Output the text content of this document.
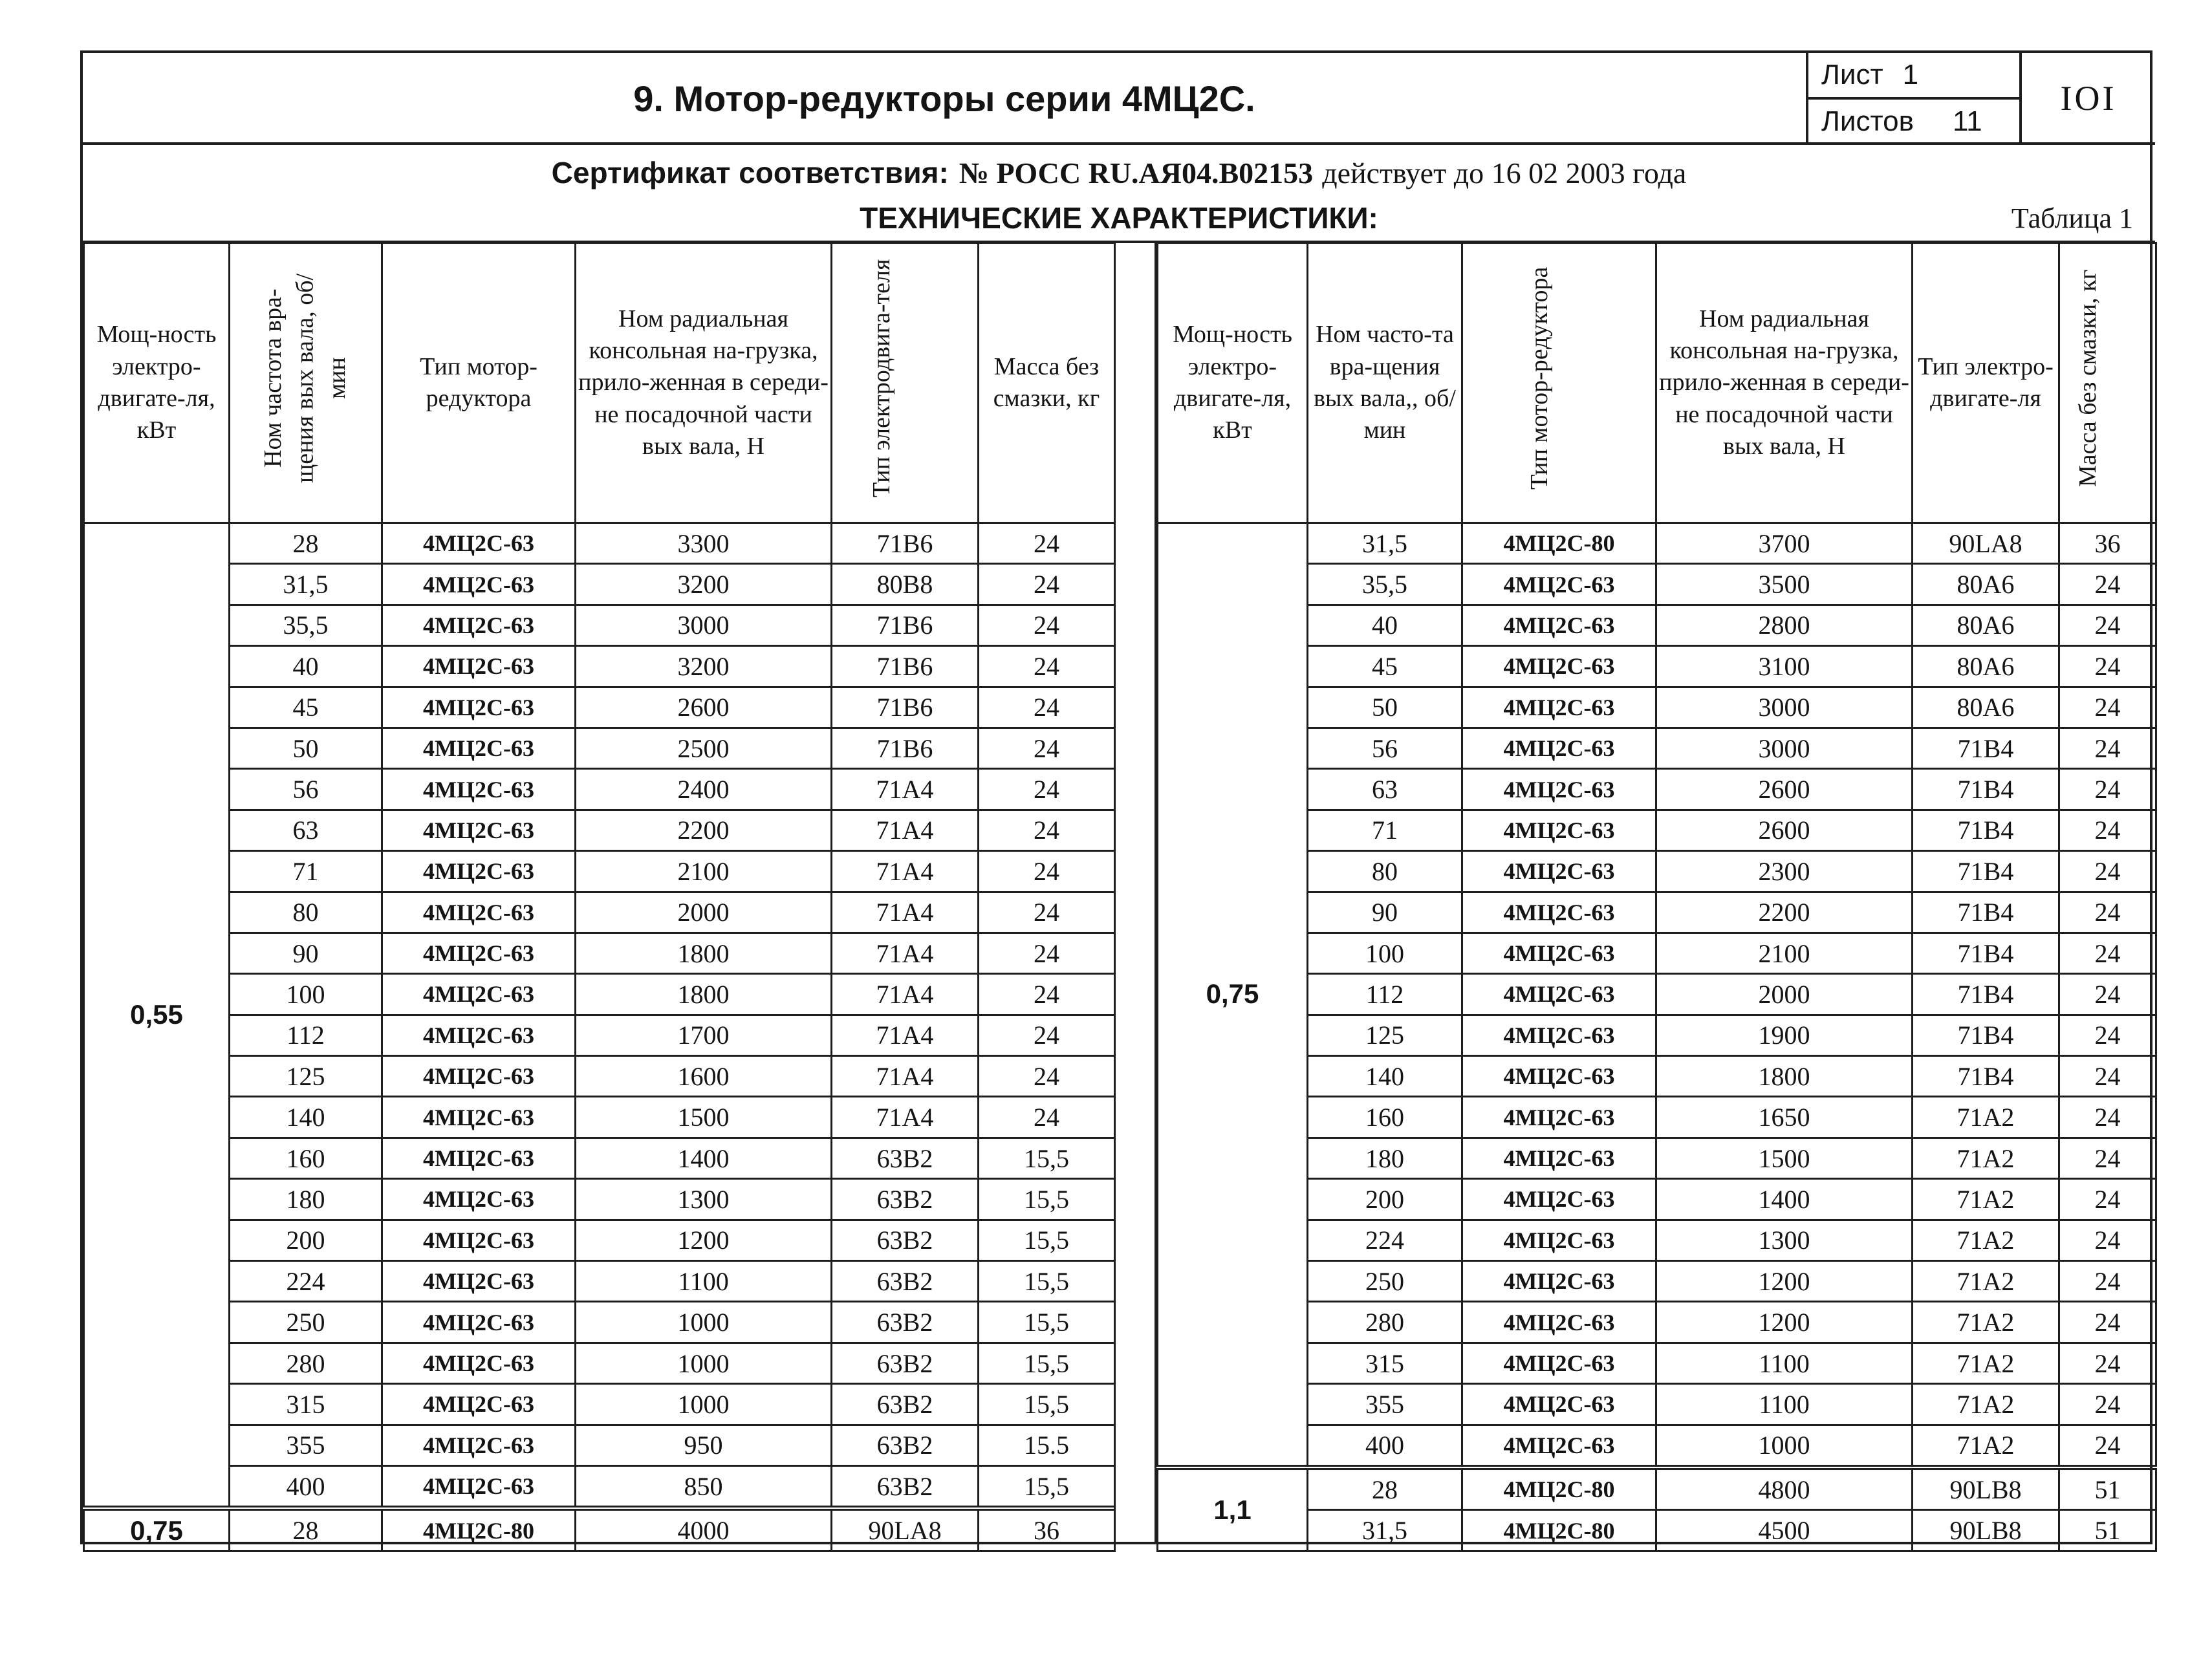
9. Мотор-редукторы серии 4МЦ2С.
Лист 1
Листов 11
IOI
Сертификат соответствия: № РОСС RU.АЯ04.В02153 действует до 16 02 2003 года
ТЕХНИЧЕСКИЕ ХАРАКТЕРИСТИКИ:	Таблица 1
Мощ-ность электро-двигате-ля, кВт	Ном частота вра-щения вых вала, об/мин	Тип мотор-редуктора	Ном радиальная консольная на-грузка, прило-женная в середи-не посадочной части вых вала, Н	Тип электродвига-теля	Масса без смазки, кг
0,55	28	4МЦ2С-63	3300	71В6	24
	31,5	4МЦ2С-63	3200	80В8	24
	35,5	4МЦ2С-63	3000	71В6	24
	40	4МЦ2С-63	3200	71В6	24
	45	4МЦ2С-63	2600	71В6	24
	50	4МЦ2С-63	2500	71В6	24
	56	4МЦ2С-63	2400	71А4	24
	63	4МЦ2С-63	2200	71А4	24
	71	4МЦ2С-63	2100	71А4	24
	80	4МЦ2С-63	2000	71А4	24
	90	4МЦ2С-63	1800	71А4	24
	100	4МЦ2С-63	1800	71А4	24
	112	4МЦ2С-63	1700	71А4	24
	125	4МЦ2С-63	1600	71А4	24
	140	4МЦ2С-63	1500	71А4	24
	160	4МЦ2С-63	1400	63В2	15,5
	180	4МЦ2С-63	1300	63В2	15,5
	200	4МЦ2С-63	1200	63В2	15,5
	224	4МЦ2С-63	1100	63В2	15,5
	250	4МЦ2С-63	1000	63В2	15,5
	280	4МЦ2С-63	1000	63В2	15,5
	315	4МЦ2С-63	1000	63В2	15,5
	355	4МЦ2С-63	950	63В2	15.5
	400	4МЦ2С-63	850	63В2	15,5
0,75	28	4МЦ2С-80	4000	90LA8	36
Мощ-ность электро-двигате-ля, кВт	Ном часто-та вра-щения вых вала,, об/мин	Тип мотор-редуктора	Ном радиальная консольная на-грузка, прило-женная в середи-не посадочной части вых вала, Н	Тип электро-двигате-ля	Масса без смазки, кг
0,75	31,5	4МЦ2С-80	3700	90LA8	36
	35,5	4МЦ2С-63	3500	80А6	24
	40	4МЦ2С-63	2800	80А6	24
	45	4МЦ2С-63	3100	80А6	24
	50	4МЦ2С-63	3000	80А6	24
	56	4МЦ2С-63	3000	71В4	24
	63	4МЦ2С-63	2600	71В4	24
	71	4МЦ2С-63	2600	71В4	24
	80	4МЦ2С-63	2300	71В4	24
	90	4МЦ2С-63	2200	71В4	24
	100	4МЦ2С-63	2100	71В4	24
	112	4МЦ2С-63	2000	71В4	24
	125	4МЦ2С-63	1900	71В4	24
	140	4МЦ2С-63	1800	71В4	24
	160	4МЦ2С-63	1650	71А2	24
	180	4МЦ2С-63	1500	71А2	24
	200	4МЦ2С-63	1400	71А2	24
	224	4МЦ2С-63	1300	71А2	24
	250	4МЦ2С-63	1200	71А2	24
	280	4МЦ2С-63	1200	71А2	24
	315	4МЦ2С-63	1100	71А2	24
	355	4МЦ2С-63	1100	71А2	24
	400	4МЦ2С-63	1000	71А2	24
1,1	28	4МЦ2С-80	4800	90LB8	51
	31,5	4МЦ2С-80	4500	90LB8	51
